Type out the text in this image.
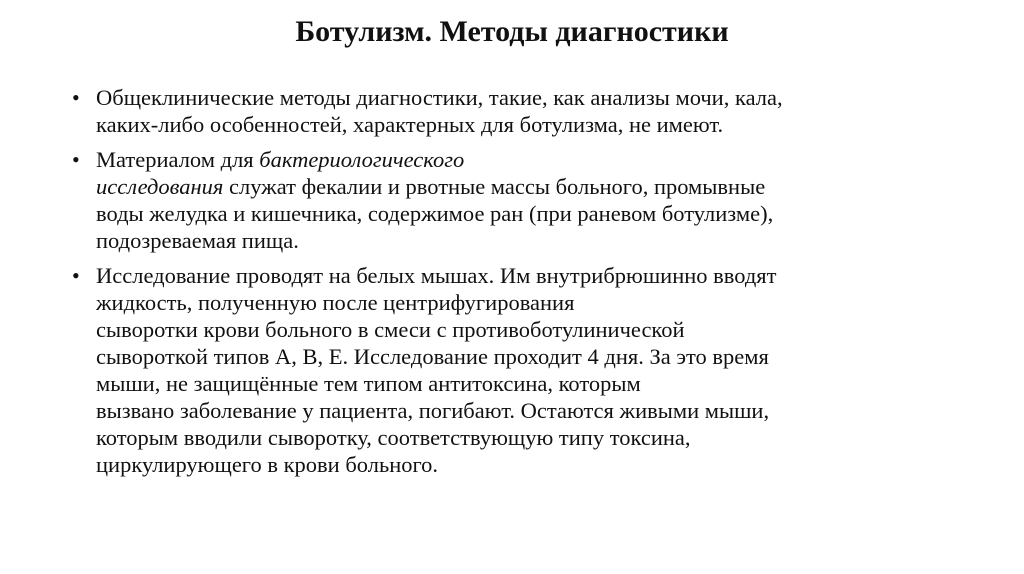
Ботулизм. Методы диагностики
• Общеклинические методы диагностики, такие, как анализы мочи, кала,
каких-либо особенностей, характерных для ботулизма, не имеют.
• Материалом для бактериологического
исследования служат фекалии и рвотные массы больного, промывные
воды желудка и кишечника, содержимое ран (при раневом ботулизме),
подозреваемая пища.
• Исследование проводят на белых мышах. Им внутрибрюшинно вводят
жидкость, полученную после центрифугирования
сыворотки крови больного в смеси с противоботулинической
сывороткой типов А, В, Е. Исследование проходит 4 дня. За это время
мыши, не защищённые тем типом антитоксина, которым
вызвано заболевание у пациента, погибают. Остаются живыми мыши,
которым вводили сыворотку, соответствующую типу токсина,
циркулирующего в крови больного.
